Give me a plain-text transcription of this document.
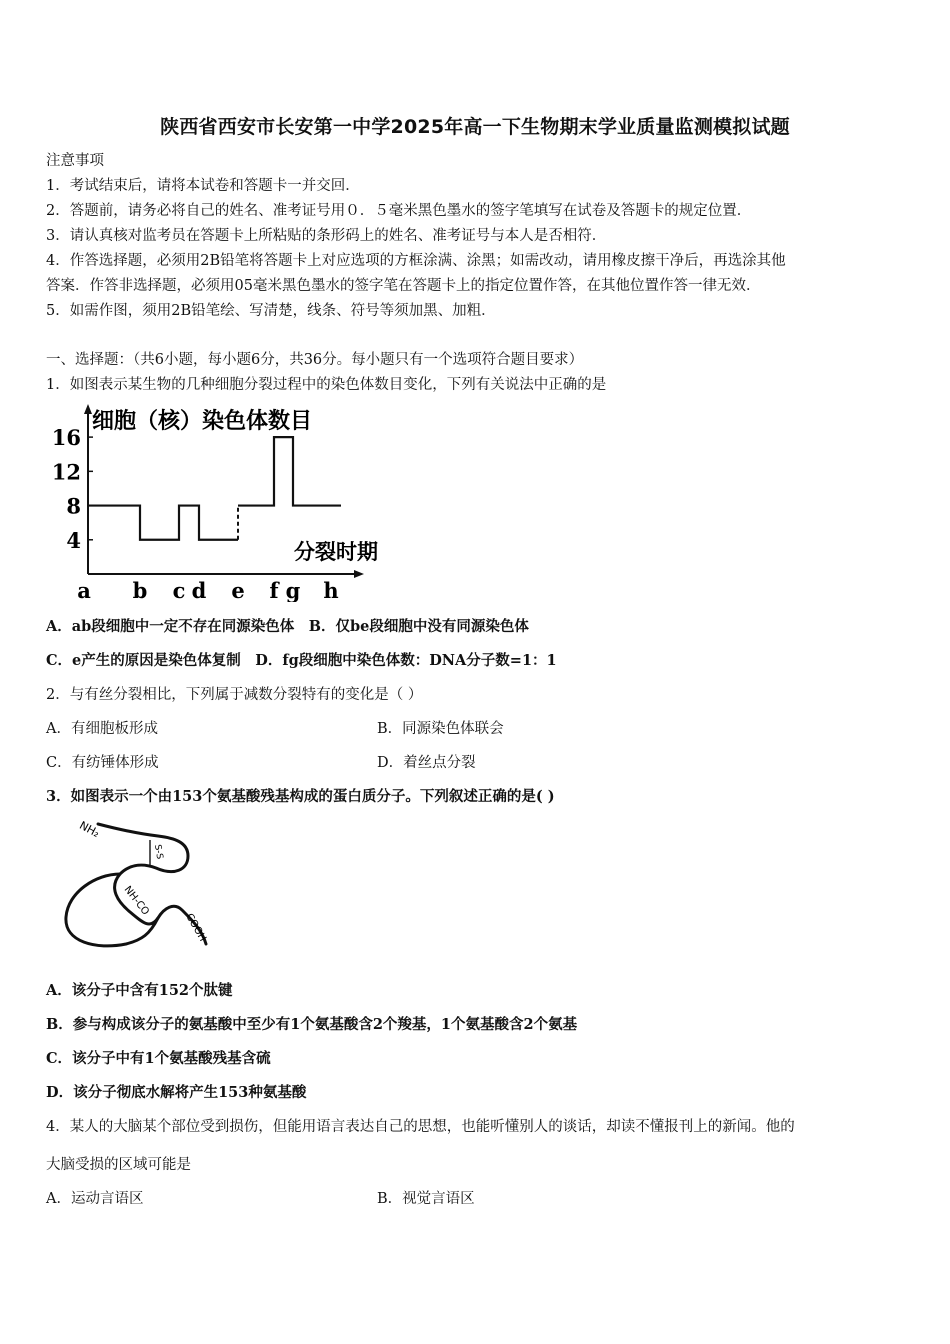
陕西省西安市长安第一中学2025年高一下生物期末学业质量监测模拟试题
注意事项
1．考试结束后，请将本试卷和答题卡一并交回．
2．答题前，请务必将自己的姓名、准考证号用０．５毫米黑色墨水的签字笔填写在试卷及答题卡的规定位置．
3．请认真核对监考员在答题卡上所粘贴的条形码上的姓名、准考证号与本人是否相符．
4．作答选择题，必须用2B铅笔将答题卡上对应选项的方框涂满、涂黑；如需改动，请用橡皮擦干净后，再选涂其他
答案．作答非选择题，必须用05毫米黑色墨水的签字笔在答题卡上的指定位置作答，在其他位置作答一律无效．
5．如需作图，须用2B铅笔绘、写清楚，线条、符号等须加黑、加粗．
一、选择题：（共6小题，每小题6分，共36分。每小题只有一个选项符合题目要求）
1．如图表示某生物的几种细胞分裂过程中的染色体数目变化，下列有关说法中正确的是
细胞（核）染色体数目
分裂时期
4
8
12
16
a b c d e f g h
A．ab段细胞中一定不存在同源染色体　B．仅be段细胞中没有同源染色体
C．e产生的原因是染色体复制　D．fg段细胞中染色体数：DNA分子数=1：1
2．与有丝分裂相比，下列属于减数分裂特有的变化是（ ）
A．有细胞板形成	B．同源染色体联会
C．有纺锤体形成	D．着丝点分裂
3．如图表示一个由153个氨基酸残基构成的蛋白质分子。下列叙述正确的是( )
NH₂
S-S
NH-CO
COOH
A．该分子中含有152个肽键
B．参与构成该分子的氨基酸中至少有1个氨基酸含2个羧基，1个氨基酸含2个氨基
C．该分子中有1个氨基酸残基含硫
D．该分子彻底水解将产生153种氨基酸
4．某人的大脑某个部位受到损伤，但能用语言表达自己的思想，也能听懂别人的谈话，却读不懂报刊上的新闻。他的
大脑受损的区域可能是
A．运动言语区	B．视觉言语区
